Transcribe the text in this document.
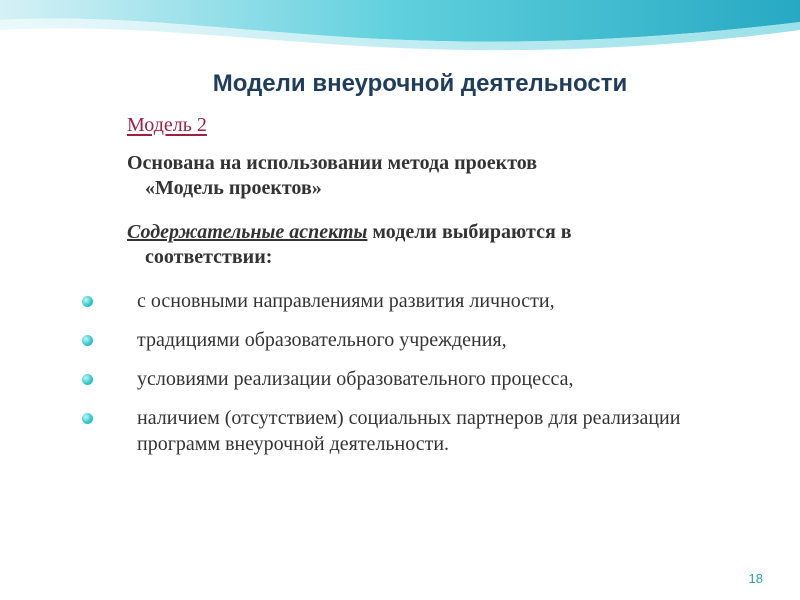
Модели внеурочной деятельности
Модель 2
Основана на использовании метода проектов
«Модель проектов»
Содержательные аспекты модели выбираются в
соответствии:
с основными направлениями развития личности,
традициями образовательного учреждения,
условиями реализации образовательного процесса,
наличием (отсутствием) социальных партнеров для реализации программ внеурочной деятельности.
18
